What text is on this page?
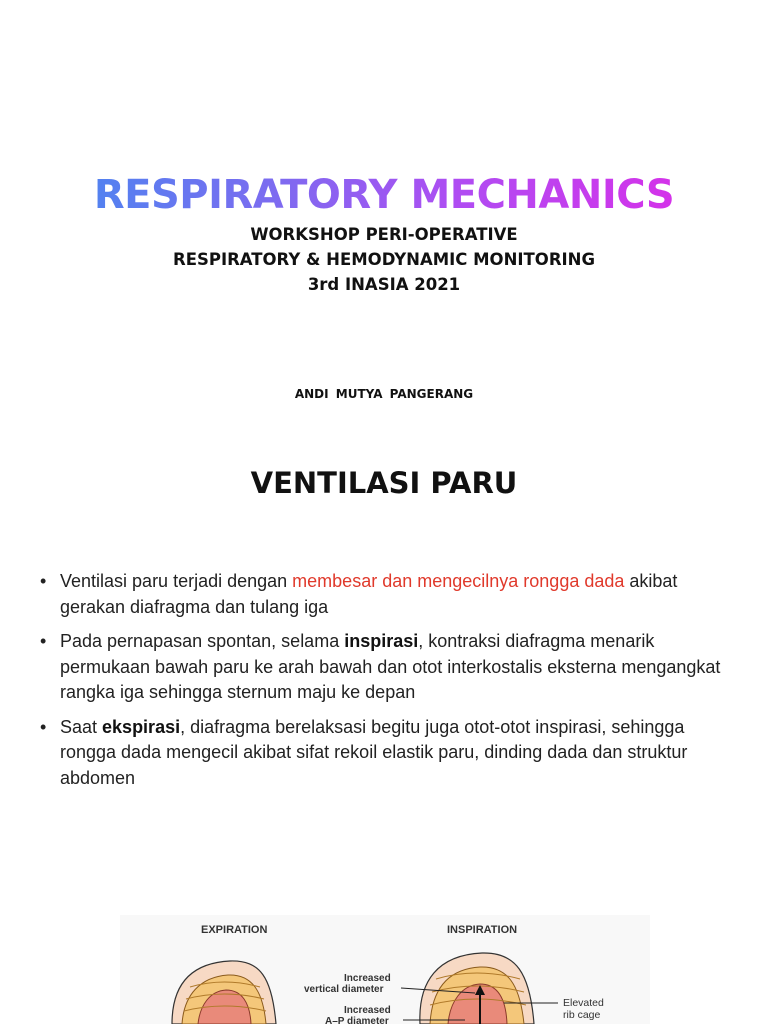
RESPIRATORY MECHANICS
WORKSHOP PERI-OPERATIVE
RESPIRATORY & HEMODYNAMIC MONITORING
3rd INASIA 2021
ANDI MUTYA PANGERANG
VENTILASI PARU
• Ventilasi paru terjadi dengan membesar dan mengecilnya rongga dada akibat gerakan diafragma dan tulang iga
• Pada pernapasan spontan, selama inspirasi, kontraksi diafragma menarik permukaan bawah paru ke arah bawah dan otot interkostalis eksterna mengangkat rangka iga sehingga sternum maju ke depan
• Saat ekspirasi, diafragma berelaksasi begitu juga otot-otot inspirasi, sehingga rongga dada mengecil akibat sifat rekoil elastik paru, dinding dada dan struktur abdomen
EXPIRATION	INSPIRATION
Increased
vertical diameter
Increased
A–P diameter
Elevated
rib cage
